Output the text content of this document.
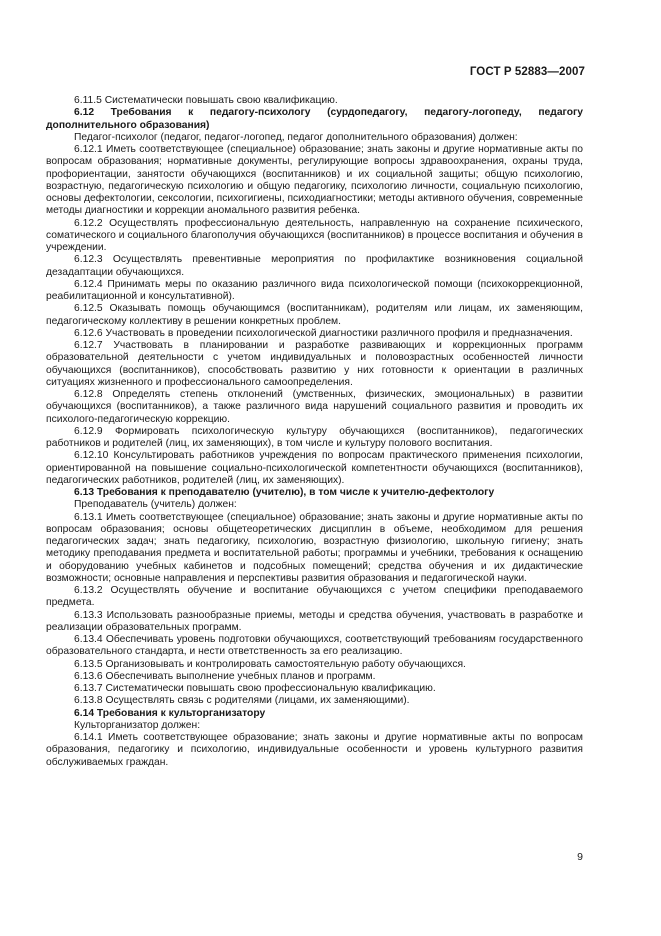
ГОСТ Р 52883—2007

6.11.5 Систематически повышать свою квалификацию.

6.12 Требования к педагогу-психологу (сурдопедагогу, педагогу-логопеду, педагогу дополнительного образования)

Педагог-психолог (педагог, педагог-логопед, педагог дополнительного образования) должен:

6.12.1 Иметь соответствующее (специальное) образование; знать законы и другие нормативные акты по вопросам образования; нормативные документы, регулирующие вопросы здравоохранения, охраны труда, профориентации, занятости обучающихся (воспитанников) и их социальной защиты; общую психологию, возрастную, педагогическую психологию и общую педагогику, психологию личности, социальную психологию, основы дефектологии, сексологии, психогигиены, психодиагностики; методы активного обучения, современные методы диагностики и коррекции аномального развития ребенка.

6.12.2 Осуществлять профессиональную деятельность, направленную на сохранение психического, соматического и социального благополучия обучающихся (воспитанников) в процессе воспитания и обучения в учреждении.

6.12.3 Осуществлять превентивные мероприятия по профилактике возникновения социальной дезадаптации обучающихся.

6.12.4 Принимать меры по оказанию различного вида психологической помощи (психокоррекционной, реабилитационной и консультативной).

6.12.5 Оказывать помощь обучающимся (воспитанникам), родителям или лицам, их заменяющим, педагогическому коллективу в решении конкретных проблем.

6.12.6 Участвовать в проведении психологической диагностики различного профиля и предназначения.

6.12.7 Участвовать в планировании и разработке развивающих и коррекционных программ образовательной деятельности с учетом индивидуальных и половозрастных особенностей личности обучающихся (воспитанников), способствовать развитию у них готовности к ориентации в различных ситуациях жизненного и профессионального самоопределения.

6.12.8 Определять степень отклонений (умственных, физических, эмоциональных) в развитии обучающихся (воспитанников), а также различного вида нарушений социального развития и проводить их психолого-педагогическую коррекцию.

6.12.9 Формировать психологическую культуру обучающихся (воспитанников), педагогических работников и родителей (лиц, их заменяющих), в том числе и культуру полового воспитания.

6.12.10 Консультировать работников учреждения по вопросам практического применения психологии, ориентированной на повышение социально-психологической компетентности обучающихся (воспитанников), педагогических работников, родителей (лиц, их заменяющих).

6.13 Требования к преподавателю (учителю), в том числе к учителю-дефектологу

Преподаватель (учитель) должен:

6.13.1 Иметь соответствующее (специальное) образование; знать законы и другие нормативные акты по вопросам образования; основы общетеоретических дисциплин в объеме, необходимом для решения педагогических задач; знать педагогику, психологию, возрастную физиологию, школьную гигиену; знать методику преподавания предмета и воспитательной работы; программы и учебники, требования к оснащению и оборудованию учебных кабинетов и подсобных помещений; средства обучения и их дидактические возможности; основные направления и перспективы развития образования и педагогической науки.

6.13.2 Осуществлять обучение и воспитание обучающихся с учетом специфики преподаваемого предмета.

6.13.3 Использовать разнообразные приемы, методы и средства обучения, участвовать в разработке и реализации образовательных программ.

6.13.4 Обеспечивать уровень подготовки обучающихся, соответствующий требованиям государственного образовательного стандарта, и нести ответственность за его реализацию.

6.13.5 Организовывать и контролировать самостоятельную работу обучающихся.

6.13.6 Обеспечивать выполнение учебных планов и программ.

6.13.7 Систематически повышать свою профессиональную квалификацию.

6.13.8 Осуществлять связь с родителями (лицами, их заменяющими).

6.14 Требования к культорганизатору

Культорганизатор должен:

6.14.1 Иметь соответствующее образование; знать законы и другие нормативные акты по вопросам образования, педагогику и психологию, индивидуальные особенности и уровень культурного развития обслуживаемых граждан.

9
